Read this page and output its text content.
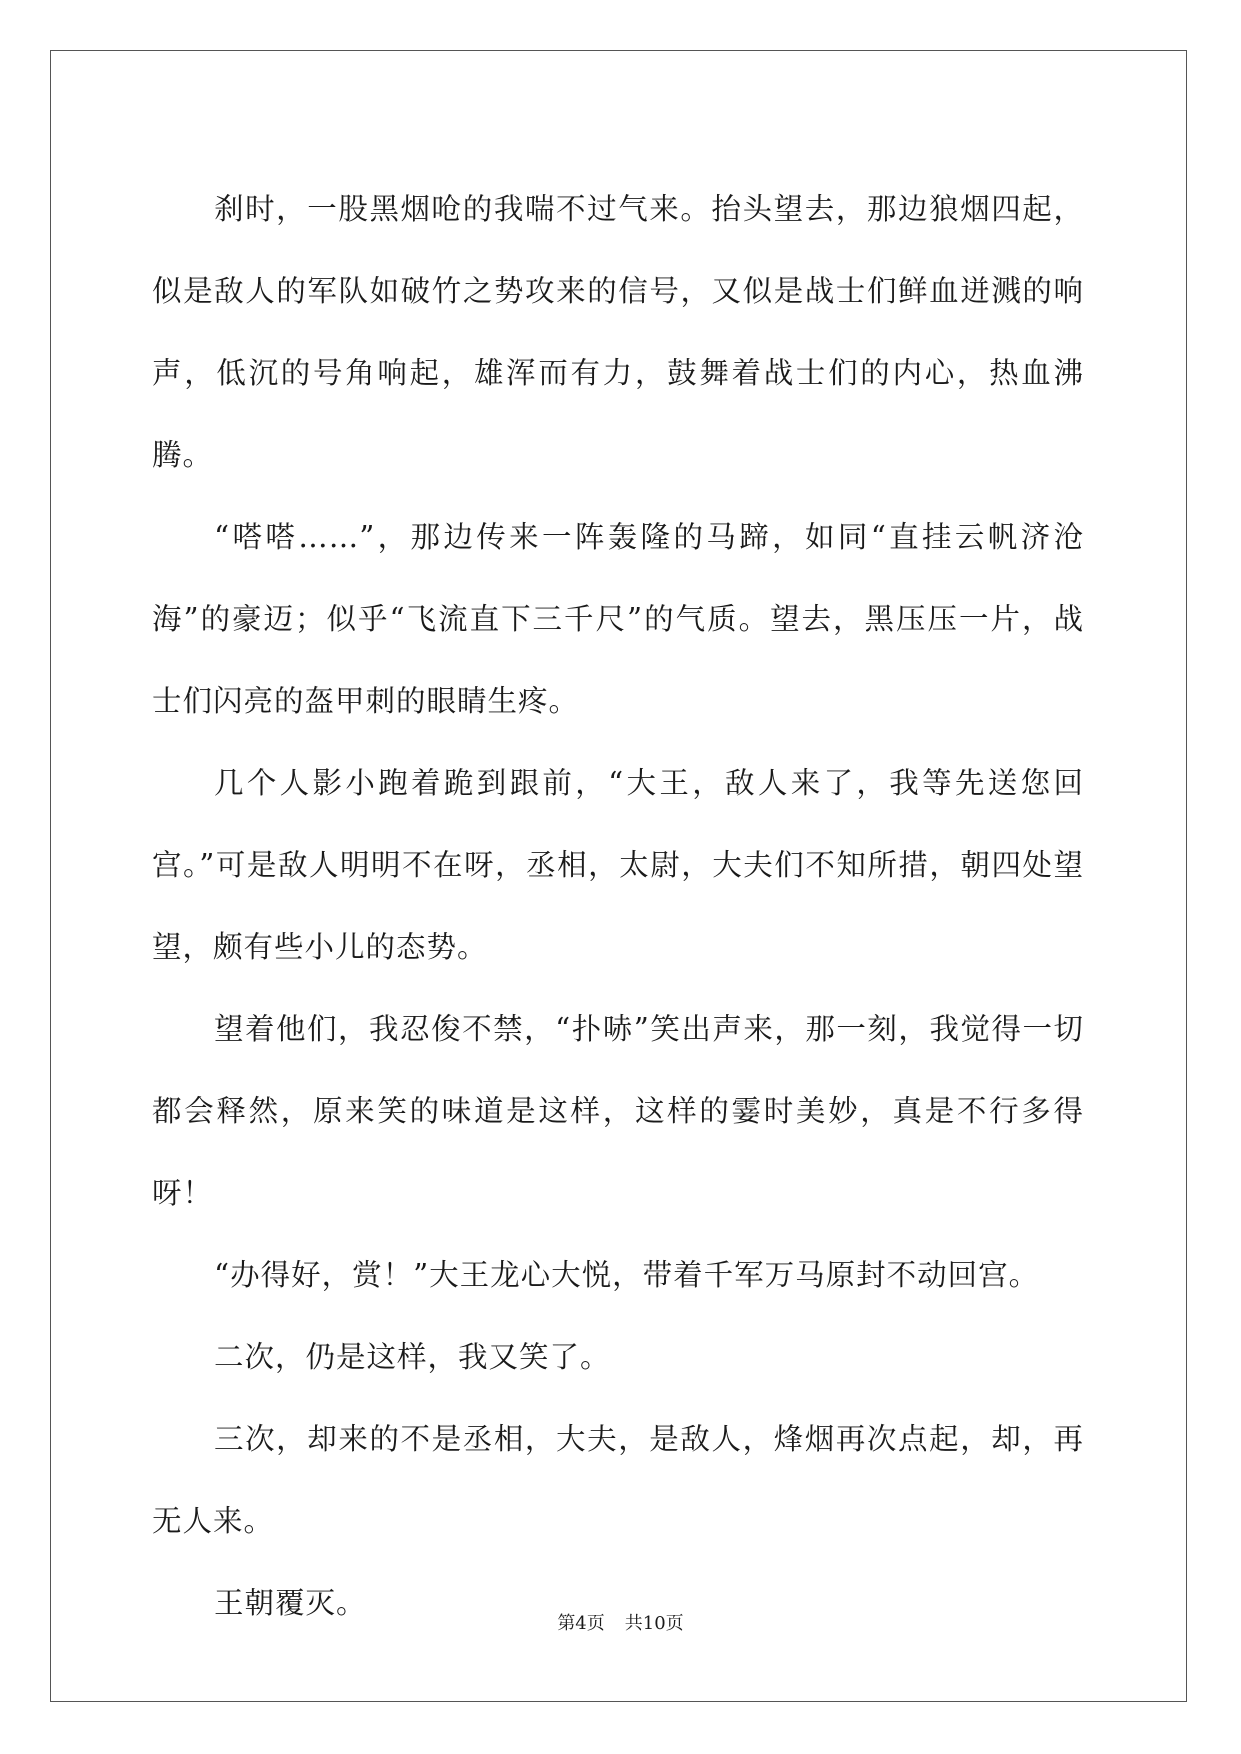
刹时，一股黑烟呛的我喘不过气来。抬头望去，那边狼烟四起，似是敌人的军队如破竹之势攻来的信号，又似是战士们鲜血迸溅的响声，低沉的号角响起，雄浑而有力，鼓舞着战士们的内心，热血沸腾。

“嗒嗒……”，那边传来一阵轰隆的马蹄，如同“直挂云帆济沧海”的豪迈；似乎“飞流直下三千尺”的气质。望去，黑压压一片，战士们闪亮的盔甲刺的眼睛生疼。

几个人影小跑着跪到跟前，“大王，敌人来了，我等先送您回宫。”可是敌人明明不在呀，丞相，太尉，大夫们不知所措，朝四处望望，颇有些小儿的态势。

望着他们，我忍俊不禁，“扑哧”笑出声来，那一刻，我觉得一切都会释然，原来笑的味道是这样，这样的霎时美妙，真是不行多得呀！

“办得好，赏！”大王龙心大悦，带着千军万马原封不动回宫。

二次，仍是这样，我又笑了。

三次，却来的不是丞相，大夫，是敌人，烽烟再次点起，却，再无人来。

王朝覆灭。

第4页 共10页
